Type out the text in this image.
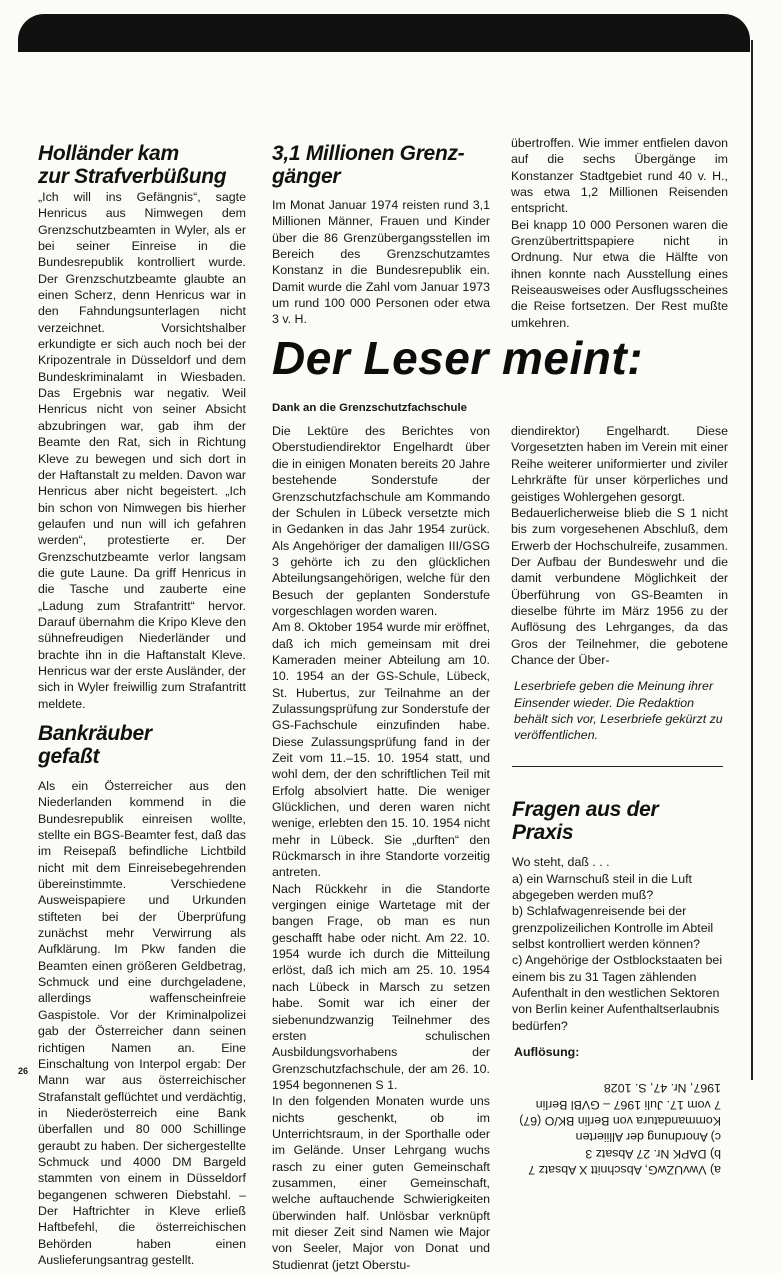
Holländer kam
zur Strafverbüßung

„Ich will ins Gefängnis“, sagte Henricus aus Nimwegen dem Grenzschutzbeamten in Wyler, als er bei seiner Einreise in die Bundesrepublik kontrolliert wurde. Der Grenzschutzbeamte glaubte an einen Scherz, denn Henricus war in den Fahndungsunterlagen nicht verzeichnet. Vorsichtshalber erkundigte er sich auch noch bei der Kripozentrale in Düsseldorf und dem Bundeskriminalamt in Wiesbaden. Das Ergebnis war negativ. Weil Henricus nicht von seiner Absicht abzubringen war, gab ihm der Beamte den Rat, sich in Richtung Kleve zu bewegen und sich dort in der Haftanstalt zu melden. Davon war Henricus aber nicht begeistert. „Ich bin schon von Nimwegen bis hierher gelaufen und nun will ich gefahren werden“, protestierte er. Der Grenzschutzbeamte verlor langsam die gute Laune. Da griff Henricus in die Tasche und zauberte eine „Ladung zum Strafantritt“ hervor. Darauf übernahm die Kripo Kleve den sühnefreudigen Niederländer und brachte ihn in die Haftanstalt Kleve. Henricus war der erste Ausländer, der sich in Wyler freiwillig zum Strafantritt meldete.

Bankräuber
gefaßt

Als ein Österreicher aus den Niederlanden kommend in die Bundesrepublik einreisen wollte, stellte ein BGS-Beamter fest, daß das im Reisepaß befindliche Lichtbild nicht mit dem Einreisebegehrenden übereinstimmte. Verschiedene Ausweispapiere und Urkunden stifteten bei der Überprüfung zunächst mehr Verwirrung als Aufklärung. Im Pkw fanden die Beamten einen größeren Geldbetrag, Schmuck und eine durchgeladene, allerdings waffenscheinfreie Gaspistole. Vor der Kriminalpolizei gab der Österreicher dann seinen richtigen Namen an. Eine Einschaltung von Interpol ergab: Der Mann war aus österreichischer Strafanstalt geflüchtet und verdächtig, in Niederösterreich eine Bank überfallen und 80 000 Schillinge geraubt zu haben. Der sichergestellte Schmuck und 4000 DM Bargeld stammten von einem in Düsseldorf begangenen schweren Diebstahl. – Der Haftrichter in Kleve erließ Haftbefehl, die österreichischen Behörden haben einen Auslieferungsantrag gestellt.

3,1 Millionen Grenz-
gänger

Im Monat Januar 1974 reisten rund 3,1 Millionen Männer, Frauen und Kinder über die 86 Grenzübergangsstellen im Bereich des Grenzschutzamtes Konstanz in die Bundesrepublik ein. Damit wurde die Zahl vom Januar 1973 um rund 100 000 Personen oder etwa 3 v. H.

übertroffen. Wie immer entfielen davon auf die sechs Übergänge im Konstanzer Stadtgebiet rund 40 v. H., was etwa 1,2 Millionen Reisenden entspricht.

Bei knapp 10 000 Personen waren die Grenzübertrittspapiere nicht in Ordnung. Nur etwa die Hälfte von ihnen konnte nach Ausstellung eines Reiseausweises oder Ausflugsscheines die Reise fortsetzen. Der Rest mußte umkehren.

Der Leser meint:
Dank an die Grenzschutzfachschule

Die Lektüre des Berichtes von Oberstudiendirektor Engelhardt über die in einigen Monaten bereits 20 Jahre bestehende Sonderstufe der Grenzschutzfachschule am Kommando der Schulen in Lübeck versetzte mich in Gedanken in das Jahr 1954 zurück. Als Angehöriger der damaligen III/GSG 3 gehörte ich zu den glücklichen Abteilungsangehörigen, welche für den Besuch der geplanten Sonderstufe vorgeschlagen worden waren.

Am 8. Oktober 1954 wurde mir eröffnet, daß ich mich gemeinsam mit drei Kameraden meiner Abteilung am 10. 10. 1954 an der GS-Schule, Lübeck, St. Hubertus, zur Teilnahme an der Zulassungsprüfung zur Sonderstufe der GS-Fachschule einzufinden habe. Diese Zulassungsprüfung fand in der Zeit vom 11.–15. 10. 1954 statt, und wohl dem, der den schriftlichen Teil mit Erfolg absolviert hatte. Die weniger Glücklichen, und deren waren nicht wenige, erlebten den 15. 10. 1954 nicht mehr in Lübeck. Sie „durften“ den Rückmarsch in ihre Standorte vorzeitig antreten.

Nach Rückkehr in die Standorte vergingen einige Wartetage mit der bangen Frage, ob man es nun geschafft habe oder nicht. Am 22. 10. 1954 wurde ich durch die Mitteilung erlöst, daß ich mich am 25. 10. 1954 nach Lübeck in Marsch zu setzen habe. Somit war ich einer der siebenundzwanzig Teilnehmer des ersten schulischen Ausbildungsvorhabens der Grenzschutzfachschule, der am 26. 10. 1954 begonnenen S 1.

In den folgenden Monaten wurde uns nichts geschenkt, ob im Unterrichtsraum, in der Sporthalle oder im Gelände. Unser Lehrgang wuchs rasch zu einer guten Gemeinschaft zusammen, einer Gemeinschaft, welche auftauchende Schwierigkeiten überwinden half. Unlösbar verknüpft mit dieser Zeit sind Namen wie Major von Seeler, Major von Donat und Studienrat (jetzt Oberstu-

diendirektor) Engelhardt. Diese Vorgesetzten haben im Verein mit einer Reihe weiterer uniformierter und ziviler Lehrkräfte für unser körperliches und geistiges Wohlergehen gesorgt.

Bedauerlicherweise blieb die S 1 nicht bis zum vorgesehenen Abschluß, dem Erwerb der Hochschulreife, zusammen. Der Aufbau der Bundeswehr und die damit verbundene Möglichkeit der Überführung von GS-Beamten in dieselbe führte im März 1956 zu der Auflösung des Lehrganges, da das Gros der Teilnehmer, die gebotene Chance der Über-

Leserbriefe geben die Meinung ihrer Einsender wieder. Die Redaktion behält sich vor, Leserbriefe gekürzt zu veröffentlichen.

Fragen aus der
Praxis

Wo steht, daß . . .

a) ein Warnschuß steil in die Luft abgegeben werden muß?

b) Schlafwagenreisende bei der grenzpolizeilichen Kontrolle im Abteil selbst kontrolliert werden können?

c) Angehörige der Ostblockstaaten bei einem bis zu 31 Tagen zählenden Aufenthalt in den westlichen Sektoren von Berlin keiner Aufenthaltserlaubnis bedürfen?

Auflösung:

a) VwvUZwG, Abschnitt X Absatz 7

b) DAPK Nr. 27 Absatz 3

c) Anordnung der Alliierten Kommandatura von Berlin BK/O (67) 7 vom 17. Juli 1967 – GVBl Berlin 1967, Nr. 47, S. 1028

26
